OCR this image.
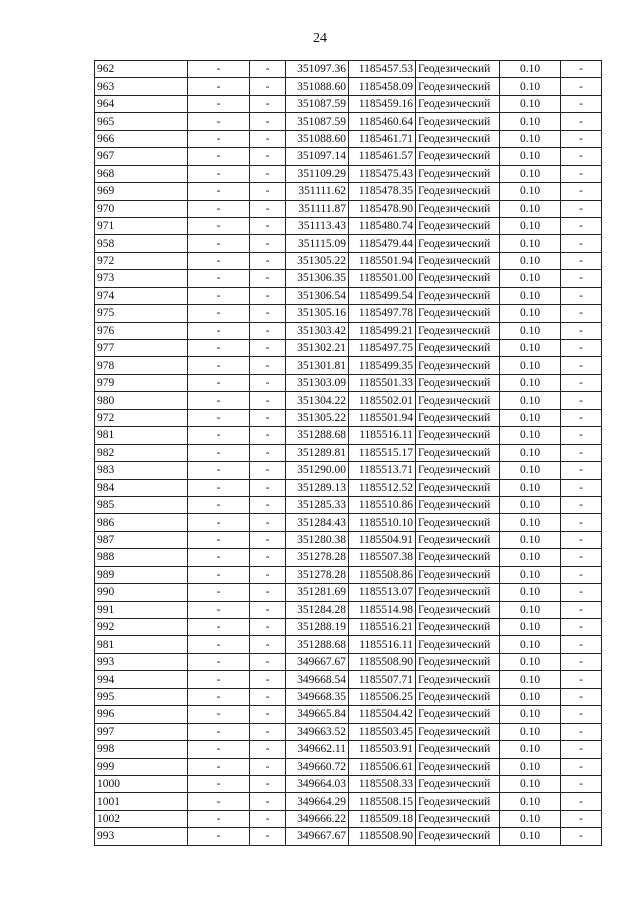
24
962	-	-	351097.36	1185457.53	Геодезический	0.10	-
963	-	-	351088.60	1185458.09	Геодезический	0.10	-
964	-	-	351087.59	1185459.16	Геодезический	0.10	-
965	-	-	351087.59	1185460.64	Геодезический	0.10	-
966	-	-	351088.60	1185461.71	Геодезический	0.10	-
967	-	-	351097.14	1185461.57	Геодезический	0.10	-
968	-	-	351109.29	1185475.43	Геодезический	0.10	-
969	-	-	351111.62	1185478.35	Геодезический	0.10	-
970	-	-	351111.87	1185478.90	Геодезический	0.10	-
971	-	-	351113.43	1185480.74	Геодезический	0.10	-
958	-	-	351115.09	1185479.44	Геодезический	0.10	-
972	-	-	351305.22	1185501.94	Геодезический	0.10	-
973	-	-	351306.35	1185501.00	Геодезический	0.10	-
974	-	-	351306.54	1185499.54	Геодезический	0.10	-
975	-	-	351305.16	1185497.78	Геодезический	0.10	-
976	-	-	351303.42	1185499.21	Геодезический	0.10	-
977	-	-	351302.21	1185497.75	Геодезический	0.10	-
978	-	-	351301.81	1185499.35	Геодезический	0.10	-
979	-	-	351303.09	1185501.33	Геодезический	0.10	-
980	-	-	351304.22	1185502.01	Геодезический	0.10	-
972	-	-	351305.22	1185501.94	Геодезический	0.10	-
981	-	-	351288.68	1185516.11	Геодезический	0.10	-
982	-	-	351289.81	1185515.17	Геодезический	0.10	-
983	-	-	351290.00	1185513.71	Геодезический	0.10	-
984	-	-	351289.13	1185512.52	Геодезический	0.10	-
985	-	-	351285.33	1185510.86	Геодезический	0.10	-
986	-	-	351284.43	1185510.10	Геодезический	0.10	-
987	-	-	351280.38	1185504.91	Геодезический	0.10	-
988	-	-	351278.28	1185507.38	Геодезический	0.10	-
989	-	-	351278.28	1185508.86	Геодезический	0.10	-
990	-	-	351281.69	1185513.07	Геодезический	0.10	-
991	-	-	351284.28	1185514.98	Геодезический	0.10	-
992	-	-	351288.19	1185516.21	Геодезический	0.10	-
981	-	-	351288.68	1185516.11	Геодезический	0.10	-
993	-	-	349667.67	1185508.90	Геодезический	0.10	-
994	-	-	349668.54	1185507.71	Геодезический	0.10	-
995	-	-	349668.35	1185506.25	Геодезический	0.10	-
996	-	-	349665.84	1185504.42	Геодезический	0.10	-
997	-	-	349663.52	1185503.45	Геодезический	0.10	-
998	-	-	349662.11	1185503.91	Геодезический	0.10	-
999	-	-	349660.72	1185506.61	Геодезический	0.10	-
1000	-	-	349664.03	1185508.33	Геодезический	0.10	-
1001	-	-	349664.29	1185508.15	Геодезический	0.10	-
1002	-	-	349666.22	1185509.18	Геодезический	0.10	-
993	-	-	349667.67	1185508.90	Геодезический	0.10	-
